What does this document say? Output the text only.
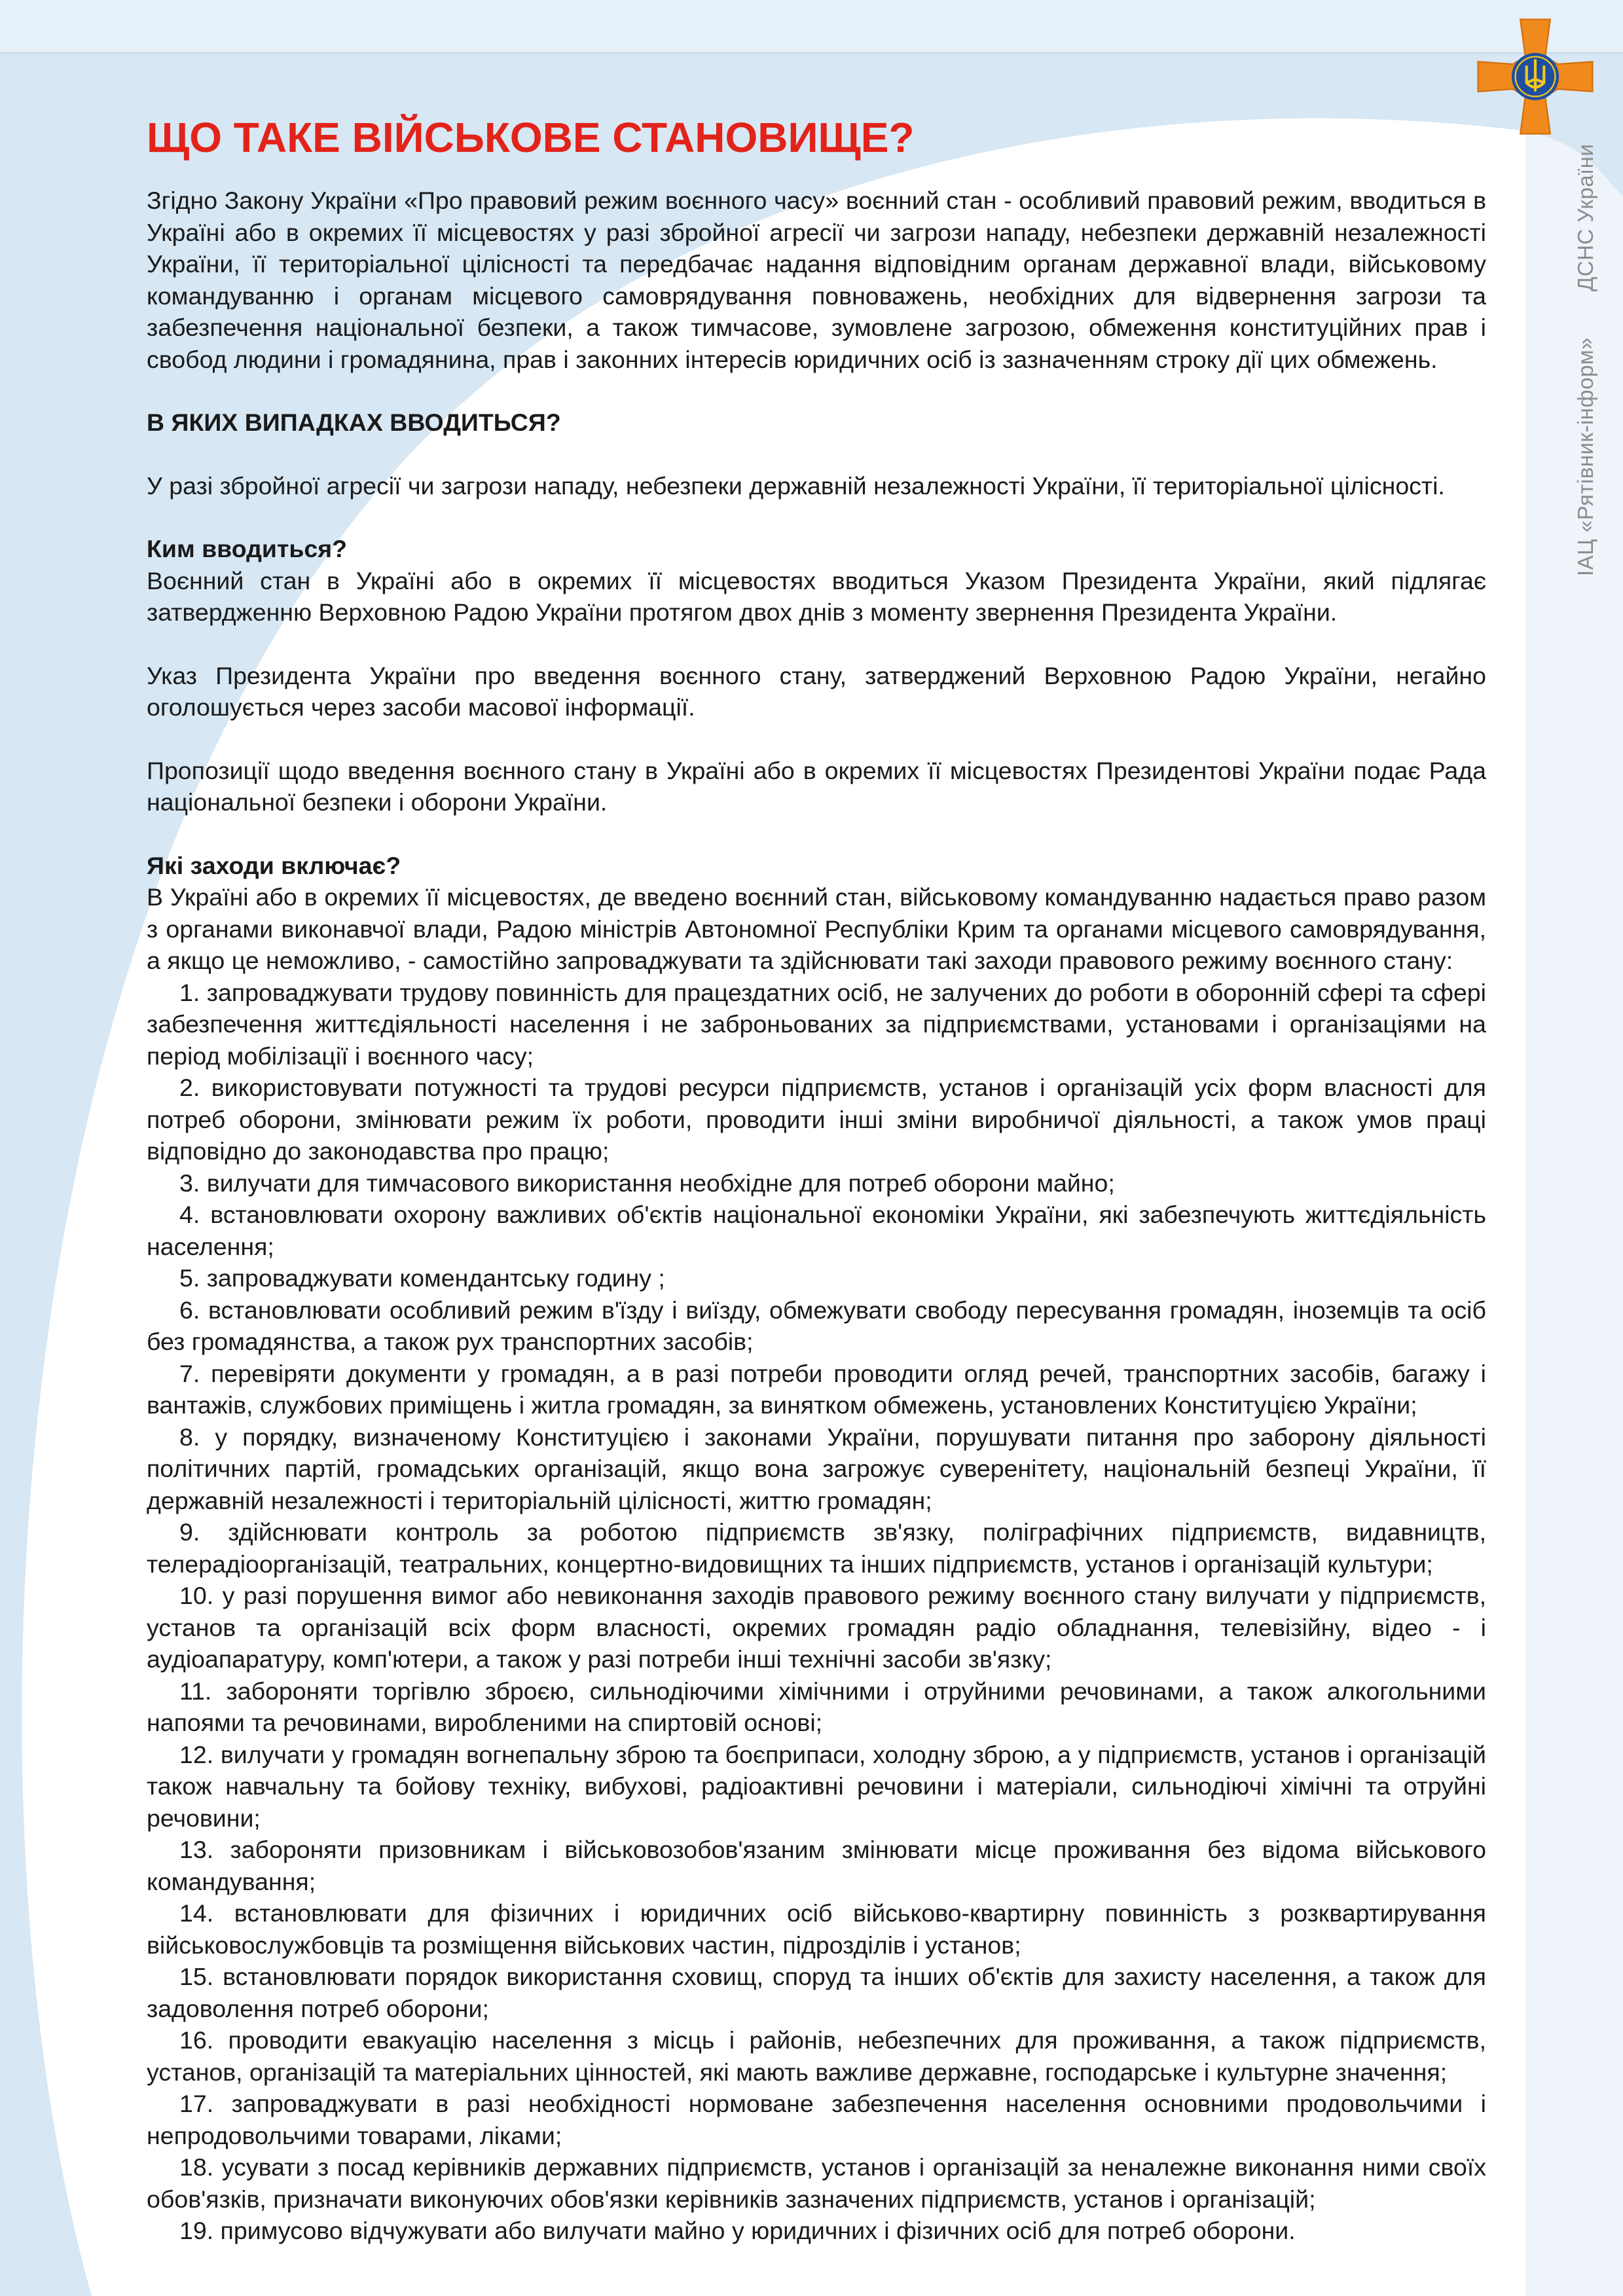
ІАЦ «Рятівник-інформ»ДСНС України
ЩО ТАКЕ ВІЙСЬКОВЕ СТАНОВИЩЕ?

Згідно Закону України «Про правовий режим воєнного часу» воєнний стан - особливий правовий режим, вводиться в Україні або в окремих її місцевостях у разі збройної агресії чи загрози нападу, небезпеки державній незалежності України, її територіальної цілісності та передбачає надання відповідним органам державної влади, військовому командуванню і органам місцевого самоврядування повноважень, необхідних для відвернення загрози та забезпечення національної безпеки, а також тимчасове, зумовлене загрозою, обмеження конституційних прав і свобод людини і громадянина, прав і законних інтересів юридичних осіб із зазначенням строку дії цих обмежень.

В ЯКИХ ВИПАДКАХ ВВОДИТЬСЯ?

У разі збройної агресії чи загрози нападу, небезпеки державній незалежності України, її територіальної цілісності.

Ким вводиться?

Воєнний стан в Україні або в окремих її місцевостях вводиться Указом Президента України, який підлягає затвердженню Верховною Радою України протягом двох днів з моменту звернення Президента України.

Указ Президента України про введення воєнного стану, затверджений Верховною Радою України, негайно оголошується через засоби масової інформації.

Пропозиції щодо введення воєнного стану в Україні або в окремих її місцевостях Президентові України подає Рада національної безпеки і оборони України.

Які заходи включає?

В Україні або в окремих її місцевостях, де введено воєнний стан, військовому командуванню надається право разом з органами виконавчої влади, Радою міністрів Автономної Республіки Крим та органами місцевого самоврядування, а якщо це неможливо, - самостійно запроваджувати та здійснювати такі заходи правового режиму воєнного стану:

1. запроваджувати трудову повинність для працездатних осіб, не залучених до роботи в оборонній сфері та сфері забезпечення життєдіяльності населення і не заброньованих за підприємствами, установами і організаціями на період мобілізації і воєнного часу;
2. використовувати потужності та трудові ресурси підприємств, установ і організацій усіх форм власності для потреб оборони, змінювати режим їх роботи, проводити інші зміни виробничої діяльності, а також умов праці відповідно до законодавства про працю;
3. вилучати для тимчасового використання необхідне для потреб оборони майно;
4. встановлювати охорону важливих об'єктів національної економіки України, які забезпечують життєдіяльність населення;
5. запроваджувати комендантську годину ;
6. встановлювати особливий режим в'їзду і виїзду, обмежувати свободу пересування громадян, іноземців та осіб без громадянства, а також рух транспортних засобів;
7. перевіряти документи у громадян, а в разі потреби проводити огляд речей, транспортних засобів, багажу і вантажів, службових приміщень і житла громадян, за винятком обмежень, установлених Конституцією України;
8. у порядку, визначеному Конституцією і законами України, порушувати питання про заборону діяльності політичних партій, громадських організацій, якщо вона загрожує суверенітету, національній безпеці України, її державній незалежності і територіальній цілісності, життю громадян;
9. здійснювати контроль за роботою підприємств зв'язку, поліграфічних підприємств, видавництв, телерадіоорганізацій, театральних, концертно-видовищних та інших підприємств, установ і організацій культури;
10. у разі порушення вимог або невиконання заходів правового режиму воєнного стану вилучати у підприємств, установ та організацій всіх форм власності, окремих громадян радіо обладнання, телевізійну, відео - і аудіоапаратуру, комп'ютери, а також у разі потреби інші технічні засоби зв'язку;
11. забороняти торгівлю зброєю, сильнодіючими хімічними і отруйними речовинами, а також алкогольними напоями та речовинами, виробленими на спиртовій основі;
12. вилучати у громадян вогнепальну зброю та боєприпаси, холодну зброю, а у підприємств, установ і організацій також навчальну та бойову техніку, вибухові, радіоактивні речовини і матеріали, сильнодіючі хімічні та отруйні речовини;
13. забороняти призовникам і військовозобов'язаним змінювати місце проживання без відома військового командування;
14. встановлювати для фізичних і юридичних осіб військово-квартирну повинність з розквартирування військовослужбовців та розміщення військових частин, підрозділів і установ;
15. встановлювати порядок використання сховищ, споруд та інших об'єктів для захисту населення, а також для задоволення потреб оборони;
16. проводити евакуацію населення з місць і районів, небезпечних для проживання, а також підприємств, установ, організацій та матеріальних цінностей, які мають важливе державне, господарське і культурне значення;
17. запроваджувати в разі необхідності нормоване забезпечення населення основними продовольчими і непродовольчими товарами, ліками;
18. усувати з посад керівників державних підприємств, установ і організацій за неналежне виконання ними своїх обов'язків, призначати виконуючих обов'язки керівників зазначених підприємств, установ і організацій;
19. примусово відчужувати або вилучати майно у юридичних і фізичних осіб для потреб оборони.
